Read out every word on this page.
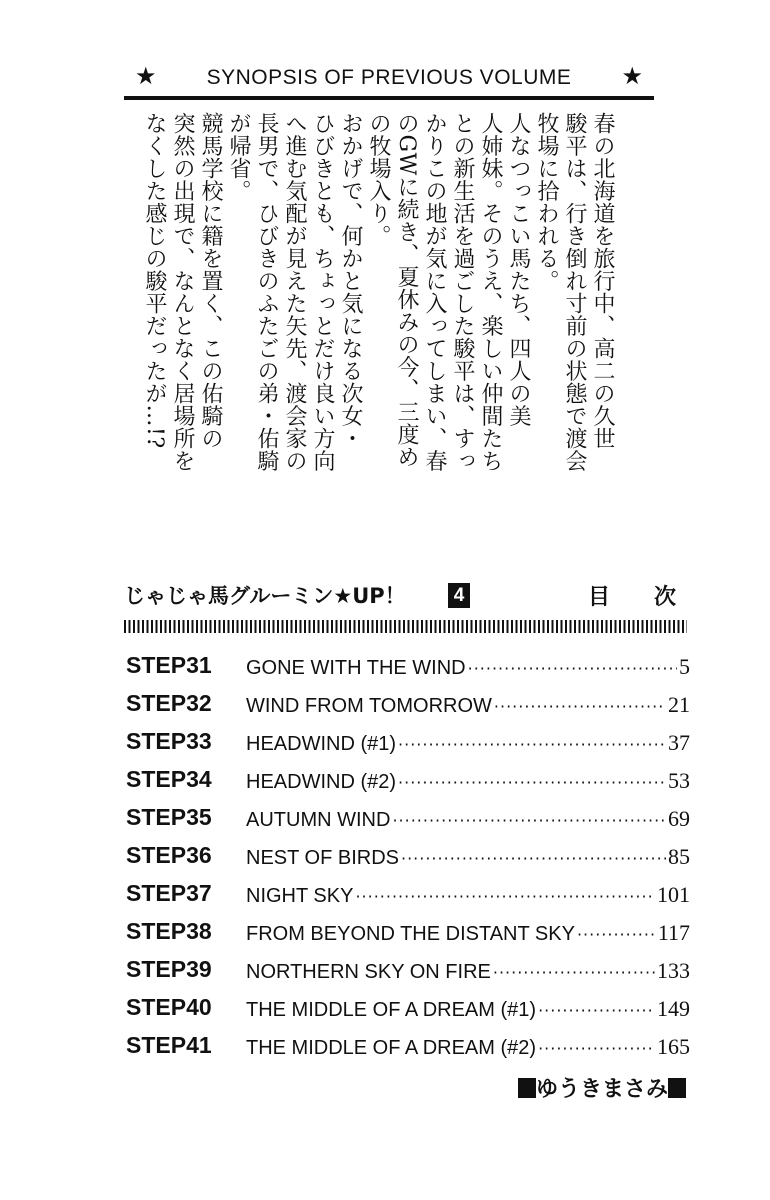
★	SYNOPSIS OF PREVIOUS VOLUME	★
春の北海道を旅行中、高二の久世
駿平は、行き倒れ寸前の状態で渡会
牧場に拾われる。
人なつっこい馬たち、四人の美
人姉妹。そのうえ、楽しい仲間たち
との新生活を過ごした駿平は、すっ
かりこの地が気に入ってしまい、春
のGWに続き、夏休みの今、三度め
の牧場入り。
おかげで、何かと気になる次女・
ひびきとも、ちょっとだけ良い方向
へ進む気配が見えた矢先、渡会家の
長男で、ひびきのふたごの弟・佑騎
が帰省。
競馬学校に籍を置く、この佑騎の
突然の出現で、なんとなく居場所を
なくした感じの駿平だったが…!?
じゃじゃ馬グルーミン★UP！	4	目次
STEP31 GONE WITH THE WIND ·····	5
STEP32 WIND FROM TOMORROW ·····	21
STEP33 HEADWIND (#1) ·····	37
STEP34 HEADWIND (#2) ·····	53
STEP35 AUTUMN WIND ·····	69
STEP36 NEST OF BIRDS ·····	85
STEP37 NIGHT SKY ·····	101
STEP38 FROM BEYOND THE DISTANT SKY ·····	117
STEP39 NORTHERN SKY ON FIRE ·····	133
STEP40 THE MIDDLE OF A DREAM (#1) ·····	149
STEP41 THE MIDDLE OF A DREAM (#2) ·····	165
ゆうきまさみ
